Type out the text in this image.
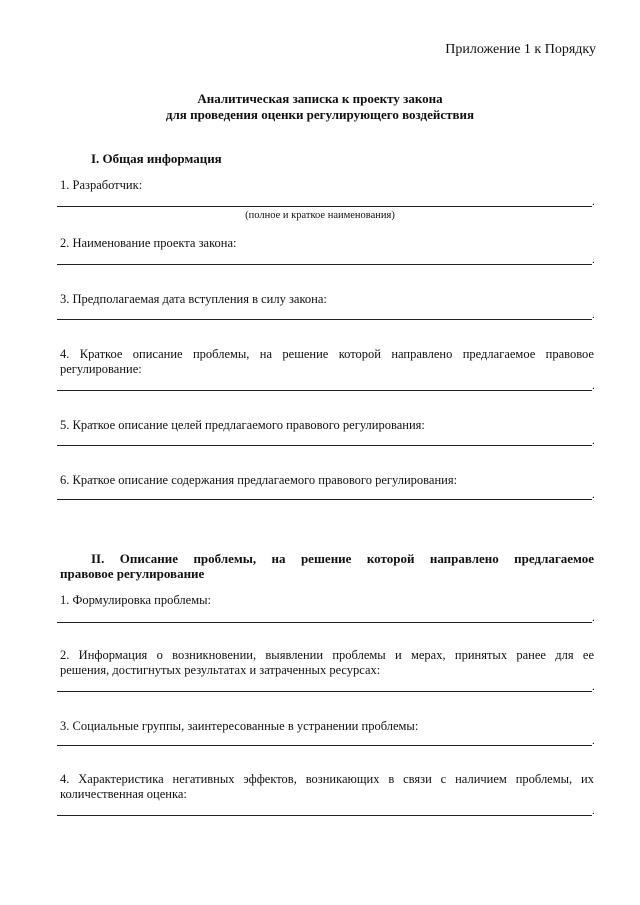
Приложение 1 к Порядку
Аналитическая записка к проекту закона
для проведения оценки регулирующего воздействия
I. Общая информация
1. Разработчик:
.
(полное и краткое наименования)
2. Наименование проекта закона:
.
3. Предполагаемая дата вступления в силу закона:
.
4. Краткое описание проблемы, на решение которой направлено предлагаемое правовое
регулирование:
.
5. Краткое описание целей предлагаемого правового регулирования:
.
6. Краткое описание содержания предлагаемого правового регулирования:
.
II. Описание проблемы, на решение которой направлено предлагаемое
правовое регулирование
1. Формулировка проблемы:
.
2. Информация о возникновении, выявлении проблемы и мерах, принятых ранее для ее
решения, достигнутых результатах и затраченных ресурсах:
.
3. Социальные группы, заинтересованные в устранении проблемы:
.
4. Характеристика негативных эффектов, возникающих в связи с наличием проблемы, их
количественная оценка:
.
